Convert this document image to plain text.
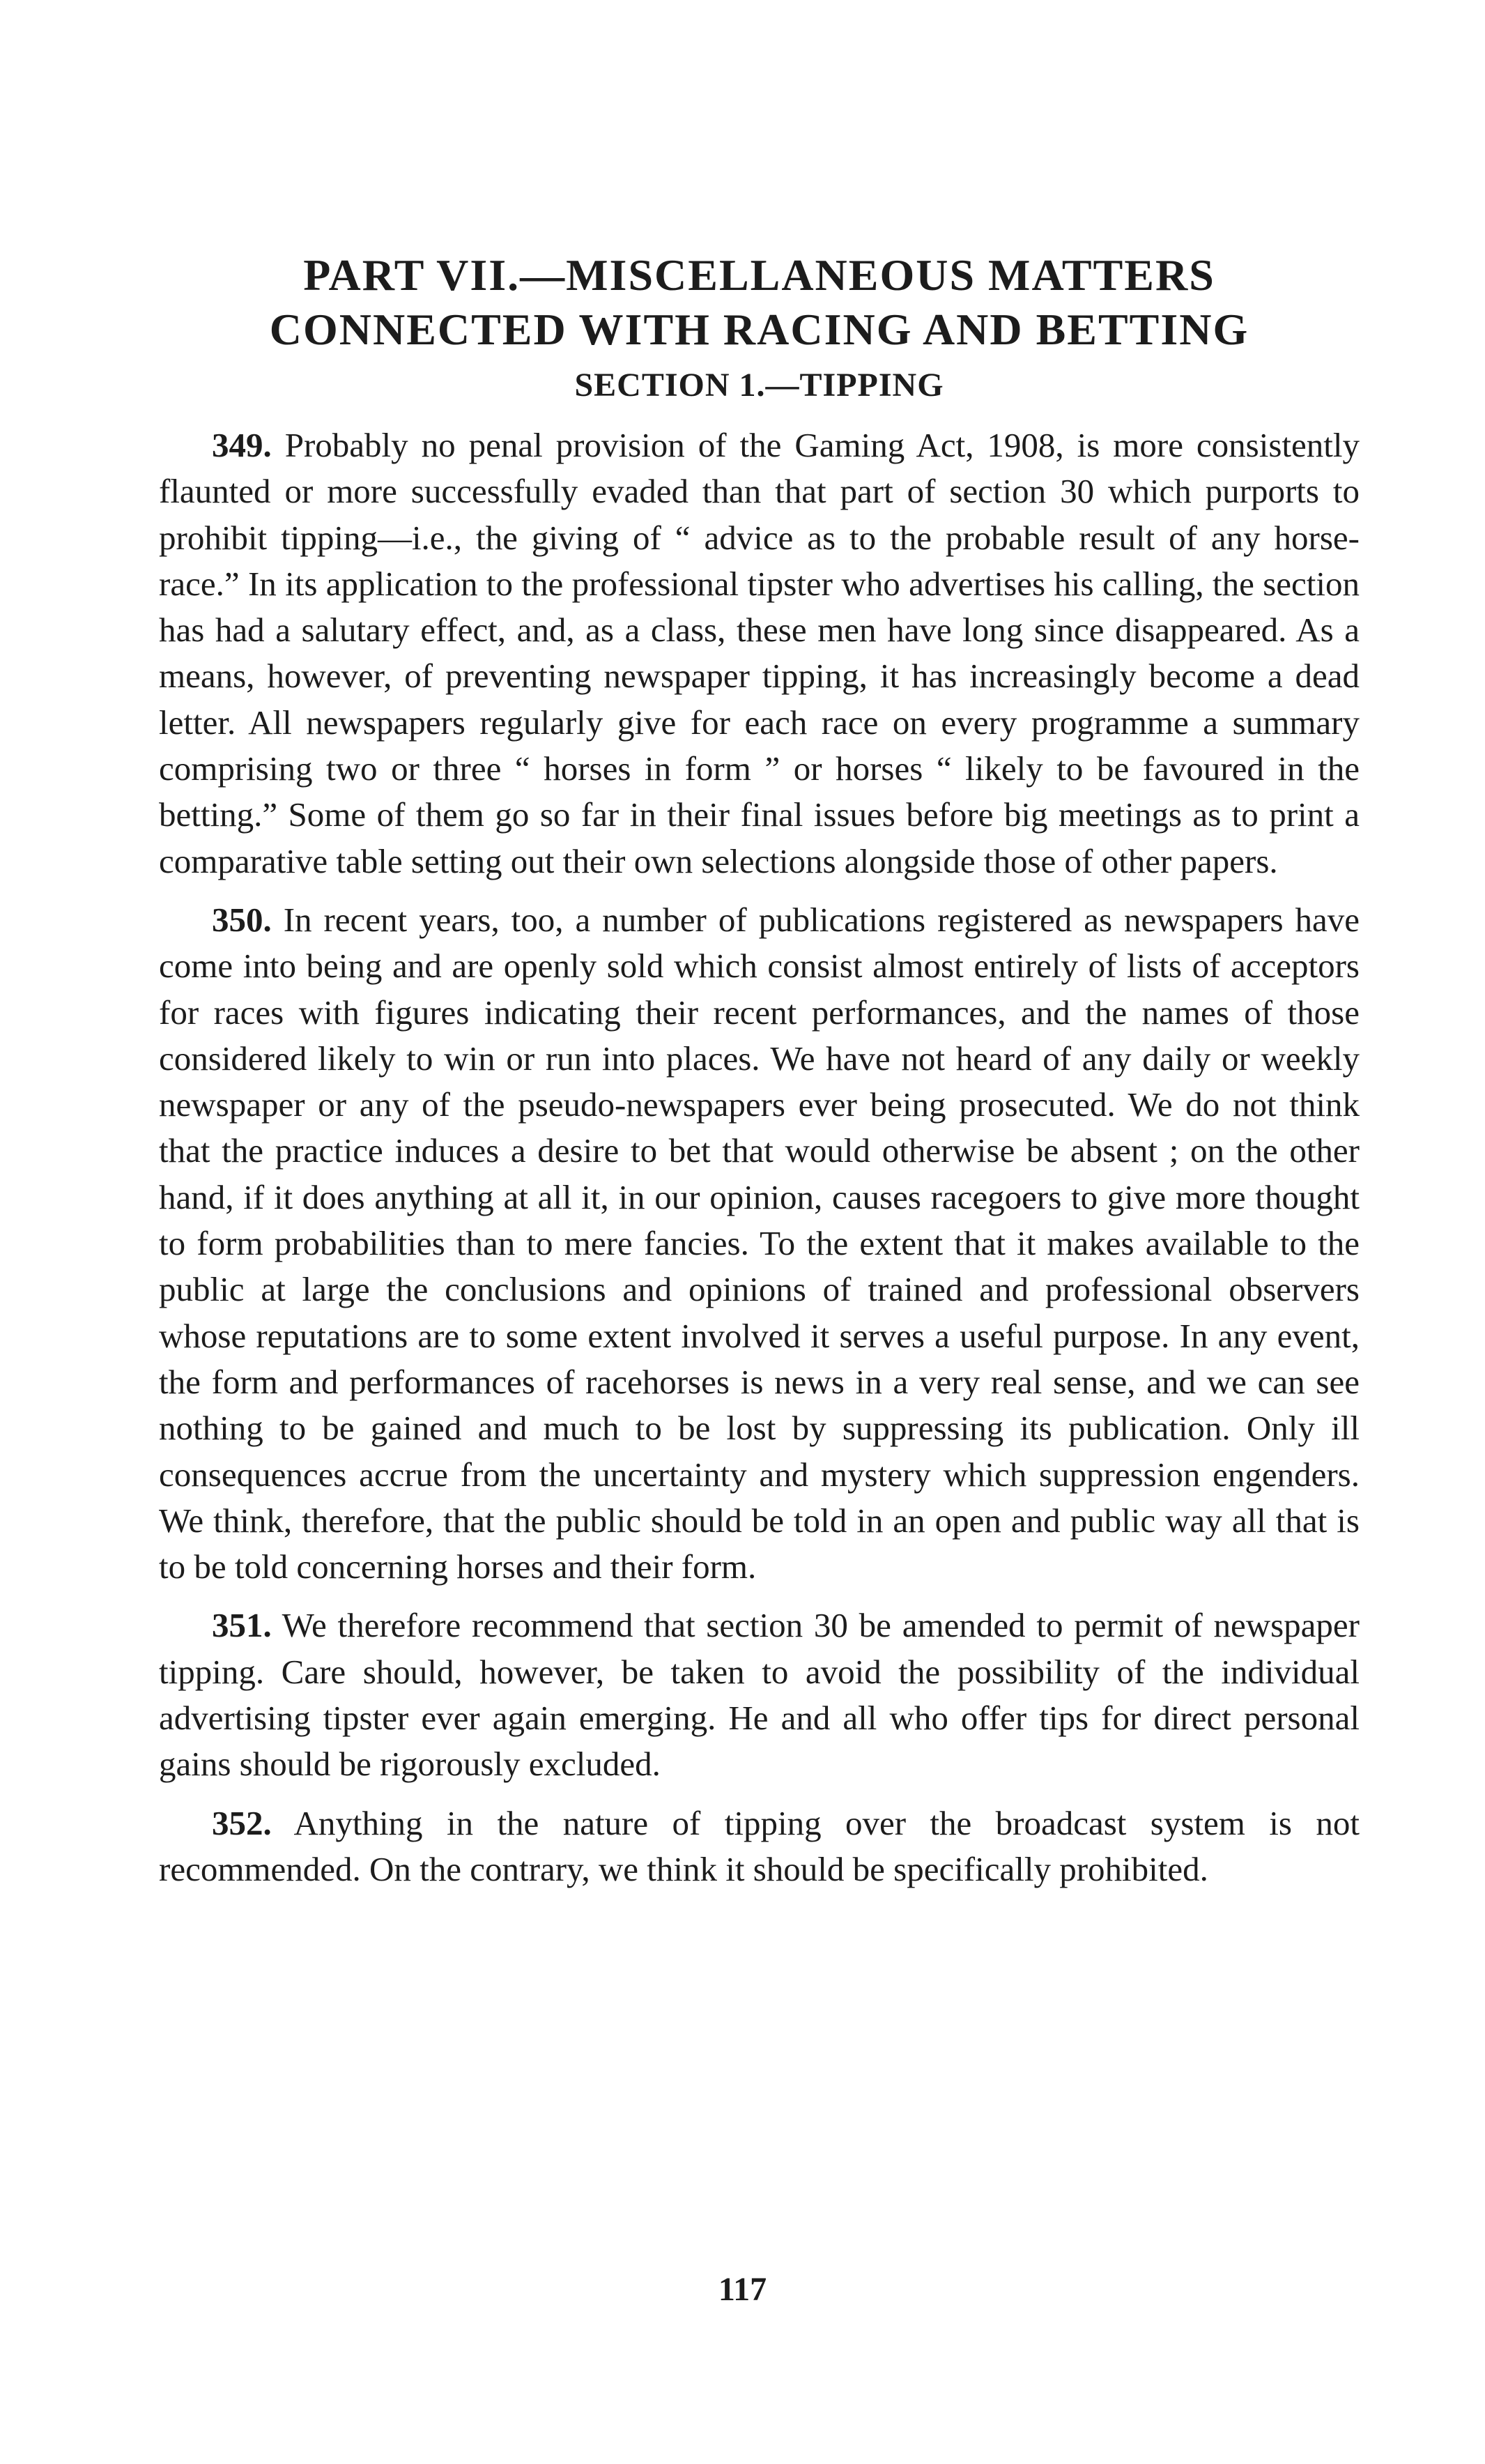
PART VII.—MISCELLANEOUS MATTERS
CONNECTED WITH RACING AND BETTING
SECTION 1.—TIPPING

349. Probably no penal provision of the Gaming Act, 1908, is more consistently flaunted or more successfully evaded than that part of section 30 which purports to prohibit tipping—i.e., the giving of “ advice as to the probable result of any horse-race.” In its application to the professional tipster who advertises his calling, the section has had a salutary effect, and, as a class, these men have long since disappeared. As a means, however, of preventing newspaper tipping, it has increasingly become a dead letter. All newspapers regularly give for each race on every programme a summary comprising two or three “ horses in form ” or horses “ likely to be favoured in the betting.” Some of them go so far in their final issues before big meetings as to print a comparative table setting out their own selections alongside those of other papers.

350. In recent years, too, a number of publications registered as newspapers have come into being and are openly sold which consist almost entirely of lists of acceptors for races with figures indicating their recent performances, and the names of those considered likely to win or run into places. We have not heard of any daily or weekly newspaper or any of the pseudo-newspapers ever being prosecuted. We do not think that the practice induces a desire to bet that would otherwise be absent ; on the other hand, if it does anything at all it, in our opinion, causes racegoers to give more thought to form probabilities than to mere fancies. To the extent that it makes available to the public at large the conclusions and opinions of trained and professional observers whose reputations are to some extent involved it serves a useful purpose. In any event, the form and performances of racehorses is news in a very real sense, and we can see nothing to be gained and much to be lost by suppressing its publication. Only ill consequences accrue from the uncertainty and mystery which suppression engenders. We think, therefore, that the public should be told in an open and public way all that is to be told concerning horses and their form.

351. We therefore recommend that section 30 be amended to permit of newspaper tipping. Care should, however, be taken to avoid the possibility of the individual advertising tipster ever again emerging. He and all who offer tips for direct personal gains should be rigorously excluded.

352. Anything in the nature of tipping over the broadcast system is not recommended. On the contrary, we think it should be specifically prohibited.

117
